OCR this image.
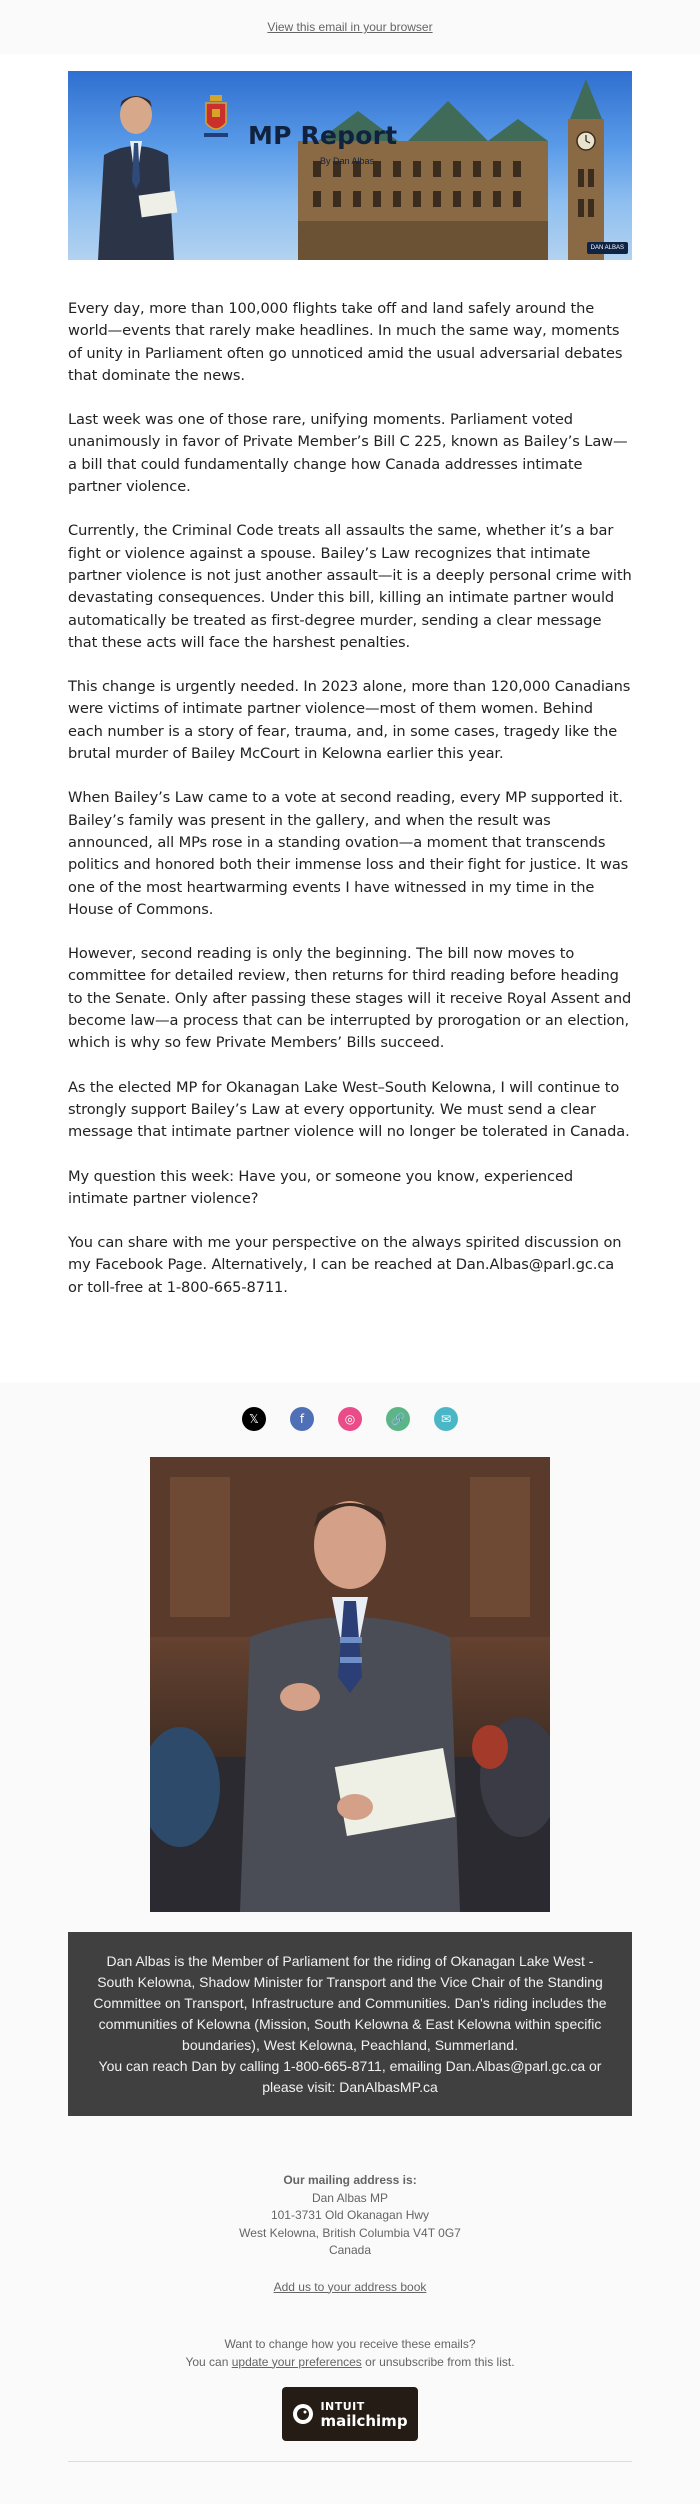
View this email in your browser
MP Report
By Dan Albas
DAN ALBAS

Every day, more than 100,000 flights take off and land safely around the world—events that rarely make headlines. In much the same way, moments of unity in Parliament often go unnoticed amid the usual adversarial debates that dominate the news.

Last week was one of those rare, unifying moments. Parliament voted unanimously in favor of Private Member’s Bill C 225, known as Bailey’s Law—a bill that could fundamentally change how Canada addresses intimate partner violence.

Currently, the Criminal Code treats all assaults the same, whether it’s a bar fight or violence against a spouse. Bailey’s Law recognizes that intimate partner violence is not just another assault—it is a deeply personal crime with devastating consequences. Under this bill, killing an intimate partner would automatically be treated as first-degree murder, sending a clear message that these acts will face the harshest penalties.

This change is urgently needed. In 2023 alone, more than 120,000 Canadians were victims of intimate partner violence—most of them women. Behind each number is a story of fear, trauma, and, in some cases, tragedy like the brutal murder of Bailey McCourt in Kelowna earlier this year.

When Bailey’s Law came to a vote at second reading, every MP supported it. Bailey’s family was present in the gallery, and when the result was announced, all MPs rose in a standing ovation—a moment that transcends politics and honored both their immense loss and their fight for justice. It was one of the most heartwarming events I have witnessed in my time in the House of Commons.

However, second reading is only the beginning. The bill now moves to committee for detailed review, then returns for third reading before heading to the Senate. Only after passing these stages will it receive Royal Assent and become law—a process that can be interrupted by prorogation or an election, which is why so few Private Members’ Bills succeed.

As the elected MP for Okanagan Lake West–South Kelowna, I will continue to strongly support Bailey’s Law at every opportunity. We must send a clear message that intimate partner violence will no longer be tolerated in Canada.

My question this week: Have you, or someone you know, experienced intimate partner violence?

You can share with me your perspective on the always spirited discussion on my Facebook Page. Alternatively, I can be reached at Dan.Albas@parl.gc.ca or toll-free at 1-800-665-8711.

𝕏	f	◎	🔗	✉
Dan Albas is the Member of Parliament for the riding of Okanagan Lake West - South Kelowna, Shadow Minister for Transport and the Vice Chair of the Standing Committee on Transport, Infrastructure and Communities. Dan's riding includes the communities of Kelowna (Mission, South Kelowna & East Kelowna within specific boundaries), West Kelowna, Peachland, Summerland.
You can reach Dan by calling 1-800-665-8711, emailing Dan.Albas@parl.gc.ca or please visit: DanAlbasMP.ca
Our mailing address is:
Dan Albas MP
101-3731 Old Okanagan Hwy
West Kelowna, British Columbia V4T 0G7
Canada
Add us to your address book
Want to change how you receive these emails?
You can update your preferences or unsubscribe from this list.
INTUIT
mailchimp
